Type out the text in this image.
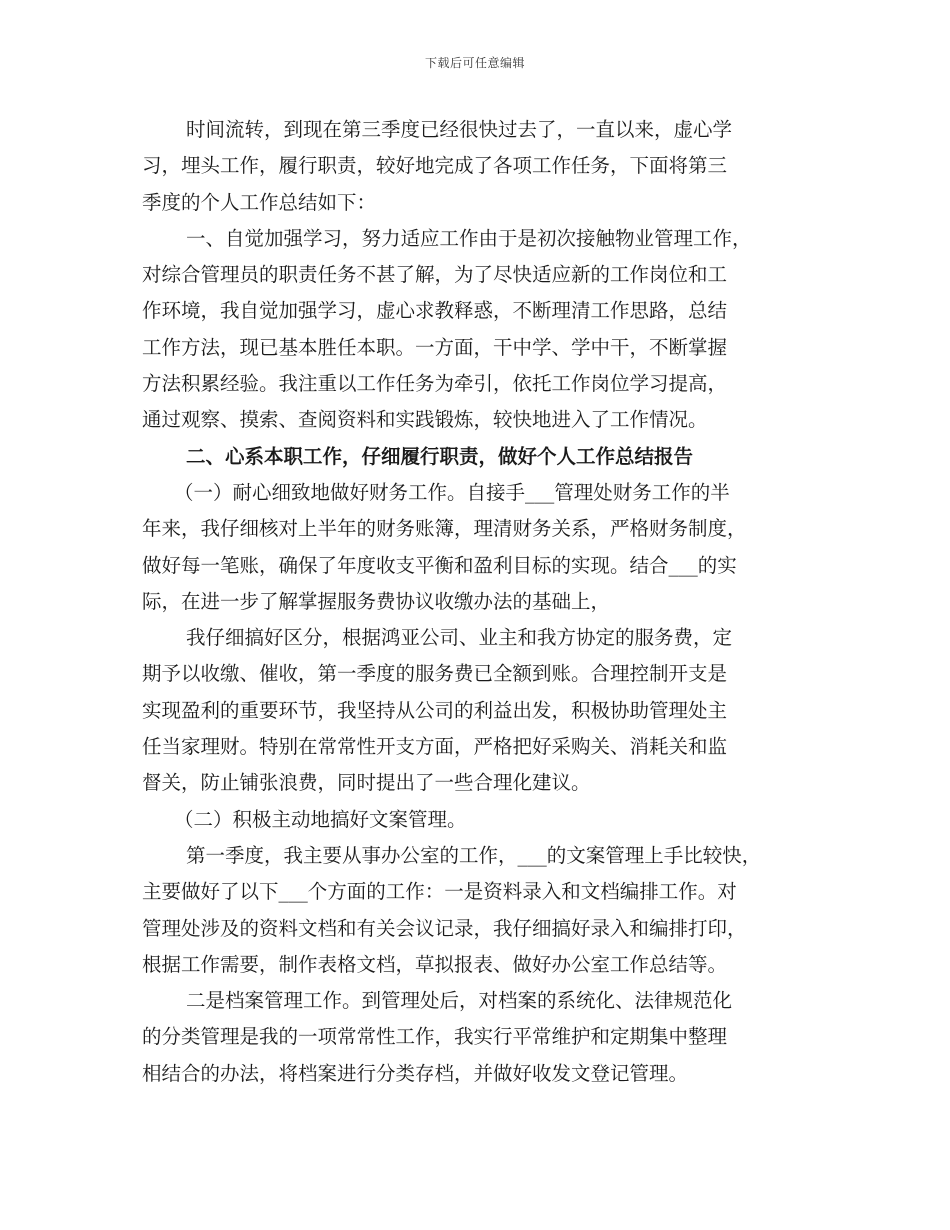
下载后可任意编辑
时间流转，到现在第三季度已经很快过去了，一直以来，虚心学
习，埋头工作，履行职责，较好地完成了各项工作任务，下面将第三
季度的个人工作总结如下：
一、自觉加强学习，努力适应工作由于是初次接触物业管理工作，
对综合管理员的职责任务不甚了解，为了尽快适应新的工作岗位和工
作环境，我自觉加强学习，虚心求教释惑，不断理清工作思路，总结
工作方法，现已基本胜任本职。一方面，干中学、学中干，不断掌握
方法积累经验。我注重以工作任务为牵引，依托工作岗位学习提高，
通过观察、摸索、查阅资料和实践锻炼，较快地进入了工作情况。
二、心系本职工作，仔细履行职责，做好个人工作总结报告
（一）耐心细致地做好财务工作。自接手___管理处财务工作的半
年来，我仔细核对上半年的财务账簿，理清财务关系，严格财务制度，
做好每一笔账，确保了年度收支平衡和盈利目标的实现。结合___的实
际，在进一步了解掌握服务费协议收缴办法的基础上，
我仔细搞好区分，根据鸿亚公司、业主和我方协定的服务费，定
期予以收缴、催收，第一季度的服务费已全额到账。合理控制开支是
实现盈利的重要环节，我坚持从公司的利益出发，积极协助管理处主
任当家理财。特别在常常性开支方面，严格把好采购关、消耗关和监
督关，防止铺张浪费，同时提出了一些合理化建议。
（二）积极主动地搞好文案管理。
第一季度，我主要从事办公室的工作，___的文案管理上手比较快，
主要做好了以下___个方面的工作：一是资料录入和文档编排工作。对
管理处涉及的资料文档和有关会议记录，我仔细搞好录入和编排打印，
根据工作需要，制作表格文档，草拟报表、做好办公室工作总结等。
二是档案管理工作。到管理处后，对档案的系统化、法律规范化
的分类管理是我的一项常常性工作，我实行平常维护和定期集中整理
相结合的办法，将档案进行分类存档，并做好收发文登记管理。
